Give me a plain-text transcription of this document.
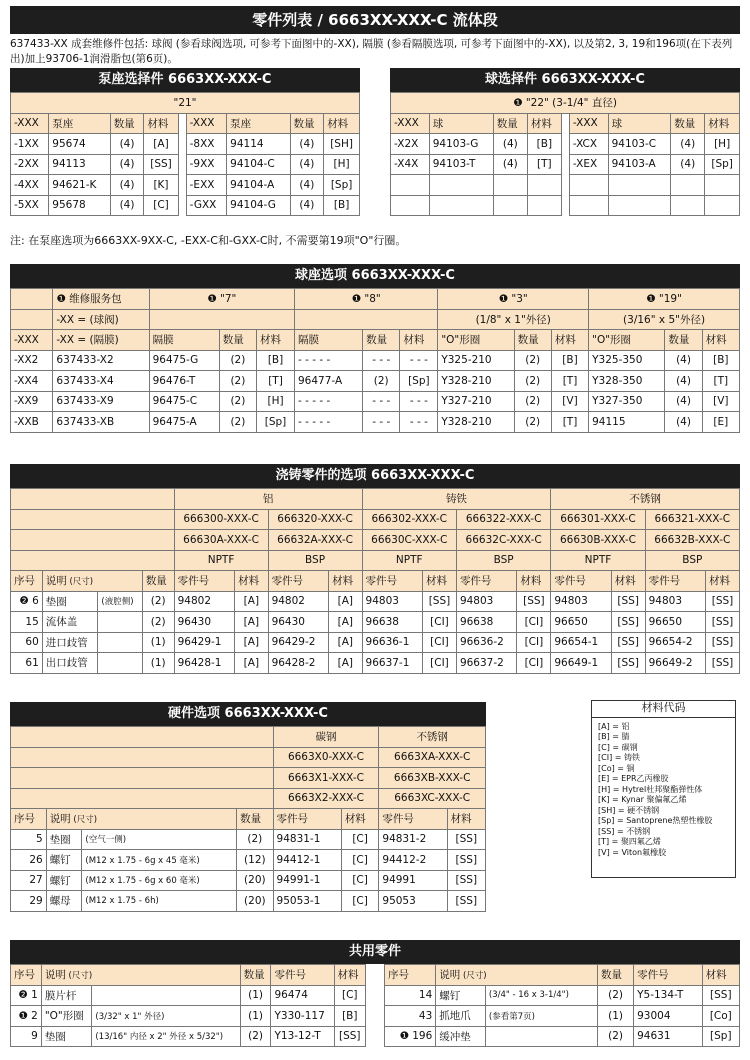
零件列表 / 6663XX-XXX-C 流体段
637433-XX 成套维修件包括: 球阀 (参看球阀选项, 可参考下面图中的-XX), 隔膜 (参看隔膜选项, 可参考下面图中的-XX), 以及第2, 3, 19和196项(在下表列出)加上93706-1润滑脂包(第6页)。
泵座选择件 6663XX-XXX-C
"21"								
-XXX	泵座	数量	材料		-XXX	泵座	数量	材料
-1XX	95674	(4)	[A]		-8XX	94114	(4)	[SH]
-2XX	94113	(4)	[SS]		-9XX	94104-C	(4)	[H]
-4XX	94621-K	(4)	[K]		-EXX	94104-A	(4)	[Sp]
-5XX	95678	(4)	[C]		-GXX	94104-G	(4)	[B]
球选择件 6663XX-XXX-C
❶ "22" (3-1/4" 直径)								
-XXX	球	数量	材料		-XXX	球	数量	材料
-X2X	94103-G	(4)	[B]		-XCX	94103-C	(4)	[H]
-X4X	94103-T	(4)	[T]		-XEX	94103-A	(4)	[Sp]

注: 在泵座选项为6663XX-9XX-C, -EXX-C和-GXX-C时, 不需要第19项"O"行圈。
球座选项 6663XX-XXX-C
	❶ 维修服务包	❶ "7"			❶ "8"			❶ "3"			❶ "19"		
	-XX = (球阀)							(1/8" x 1"外径)			(3/16" x 5"外径)		
-XXX	-XX = (隔膜)	隔膜	数量	材料	隔膜	数量	材料	"O"形圈	数量	材料	"O"形圈	数量	材料
-XX2	637433-X2	96475-G	(2)	[B]	- - - - -	- - -	- - -	Y325-210	(2)	[B]	Y325-350	(4)	[B]
-XX4	637433-X4	96476-T	(2)	[T]	96477-A	(2)	[Sp]	Y328-210	(2)	[T]	Y328-350	(4)	[T]
-XX9	637433-X9	96475-C	(2)	[H]	- - - - -	- - -	- - -	Y327-210	(2)	[V]	Y327-350	(4)	[V]
-XXB	637433-XB	96475-A	(2)	[Sp]	- - - - -	- - -	- - -	Y328-210	(2)	[T]	94115	(4)	[E]
浇铸零件的选项 6663XX-XXX-C
				铝				铸铁				不锈钢			
				666300-XXX-C		666320-XXX-C		666302-XXX-C		666322-XXX-C		666301-XXX-C		666321-XXX-C	
				66630A-XXX-C		66632A-XXX-C		66630C-XXX-C		66632C-XXX-C		66630B-XXX-C		66632B-XXX-C	
				NPTF		BSP		NPTF		BSP		NPTF		BSP	
序号	说明 (尺寸)		数量	零件号	材料	零件号	材料	零件号	材料	零件号	材料	零件号	材料	零件号	材料
❷ 6	垫圈	(液腔侧)	(2)	94802	[A]	94802	[A]	94803	[SS]	94803	[SS]	94803	[SS]	94803	[SS]
15	流体盖		(2)	96430	[A]	96430	[A]	96638	[CI]	96638	[CI]	96650	[SS]	96650	[SS]
60	进口歧管		(1)	96429-1	[A]	96429-2	[A]	96636-1	[CI]	96636-2	[CI]	96654-1	[SS]	96654-2	[SS]
61	出口歧管		(1)	96428-1	[A]	96428-2	[A]	96637-1	[CI]	96637-2	[CI]	96649-1	[SS]	96649-2	[SS]
硬件选项 6663XX-XXX-C
				碳钢		不锈钢	
				6663X0-XXX-C		6663XA-XXX-C	
				6663X1-XXX-C		6663XB-XXX-C	
				6663X2-XXX-C		6663XC-XXX-C	
序号	说明 (尺寸)		数量	零件号	材料	零件号	材料
5	垫圈	(空气一侧)	(2)	94831-1	[C]	94831-2	[SS]
26	螺钉	(M12 x 1.75 - 6g x 45 毫米)	(12)	94412-1	[C]	94412-2	[SS]
27	螺钉	(M12 x 1.75 - 6g x 60 毫米)	(20)	94991-1	[C]	94991	[SS]
29	螺母	(M12 x 1.75 - 6h)	(20)	95053-1	[C]	95053	[SS]
材料代码
[A] = 铝
[B] = 腈
[C] = 碳钢
[CI] = 铸铁
[Co] = 铜
[E] = EPR乙丙橡胶
[H] = Hytrel杜邦聚酯弹性体
[K] = Kynar 聚偏氟乙烯
[SH] = 硬不锈钢
[Sp] = Santoprene热塑性橡胶
[SS] = 不锈钢
[T] = 聚四氟乙烯
[V] = Viton氟橡胶
共用零件
序号	说明 (尺寸)		数量	零件号	材料
❷ 1	膜片杆		(1)	96474	[C]
❶ 2	"O"形圈	(3/32" x 1" 外径)	(1)	Y330-117	[B]
9	垫圈	(13/16" 内径 x 2" 外径 x 5/32")	(2)	Y13-12-T	[SS]
序号	说明 (尺寸)		数量	零件号	材料
14	螺钉	(3/4" - 16 x 3-1/4")	(2)	Y5-134-T	[SS]
43	抓地爪	(参看第7页)	(1)	93004	[Co]
❶ 196	缓冲垫		(2)	94631	[Sp]
